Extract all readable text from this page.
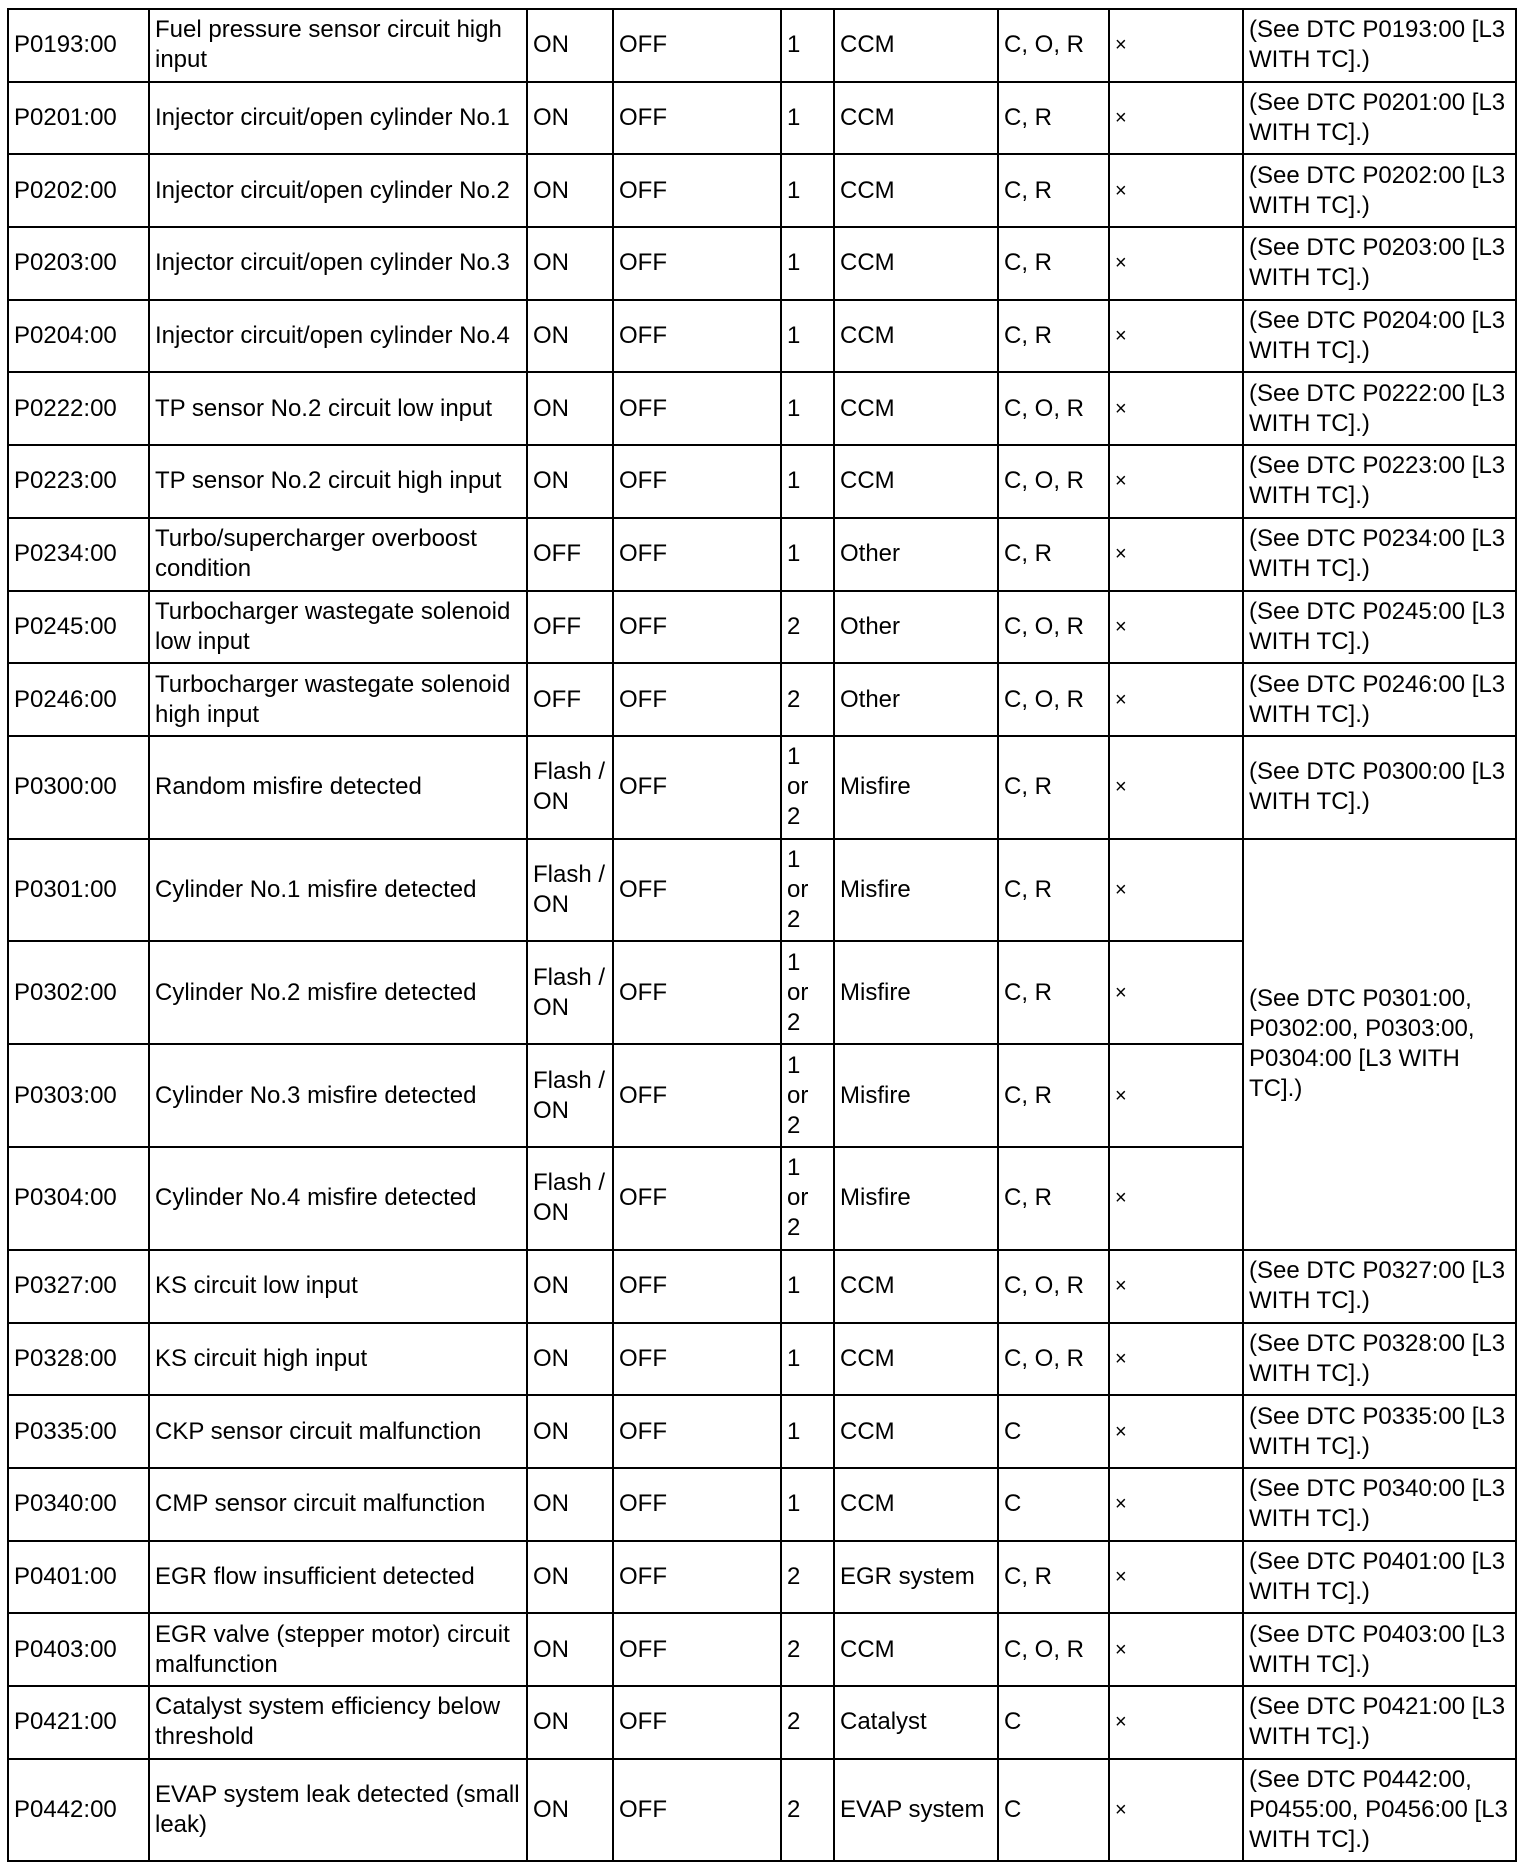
P0193:00	Fuel pressure sensor circuit high input	ON	OFF	1	CCM	C, O, R	×	(See DTC P0193:00 [L3 WITH TC].)
P0201:00	Injector circuit/open cylinder No.1	ON	OFF	1	CCM	C, R	×	(See DTC P0201:00 [L3 WITH TC].)
P0202:00	Injector circuit/open cylinder No.2	ON	OFF	1	CCM	C, R	×	(See DTC P0202:00 [L3 WITH TC].)
P0203:00	Injector circuit/open cylinder No.3	ON	OFF	1	CCM	C, R	×	(See DTC P0203:00 [L3 WITH TC].)
P0204:00	Injector circuit/open cylinder No.4	ON	OFF	1	CCM	C, R	×	(See DTC P0204:00 [L3 WITH TC].)
P0222:00	TP sensor No.2 circuit low input	ON	OFF	1	CCM	C, O, R	×	(See DTC P0222:00 [L3 WITH TC].)
P0223:00	TP sensor No.2 circuit high input	ON	OFF	1	CCM	C, O, R	×	(See DTC P0223:00 [L3 WITH TC].)
P0234:00	Turbo/supercharger overboost condition	OFF	OFF	1	Other	C, R	×	(See DTC P0234:00 [L3 WITH TC].)
P0245:00	Turbocharger wastegate solenoid low input	OFF	OFF	2	Other	C, O, R	×	(See DTC P0245:00 [L3 WITH TC].)
P0246:00	Turbocharger wastegate solenoid high input	OFF	OFF	2	Other	C, O, R	×	(See DTC P0246:00 [L3 WITH TC].)
P0300:00	Random misfire detected	Flash / ON	OFF	1 or 2	Misfire	C, R	×	(See DTC P0300:00 [L3 WITH TC].)
P0301:00	Cylinder No.1 misfire detected	Flash / ON	OFF	1 or 2	Misfire	C, R	×	(See DTC P0301:00, P0302:00, P0303:00, P0304:00 [L3 WITH TC].)
P0302:00	Cylinder No.2 misfire detected	Flash / ON	OFF	1 or 2	Misfire	C, R	×	
P0303:00	Cylinder No.3 misfire detected	Flash / ON	OFF	1 or 2	Misfire	C, R	×	
P0304:00	Cylinder No.4 misfire detected	Flash / ON	OFF	1 or 2	Misfire	C, R	×	
P0327:00	KS circuit low input	ON	OFF	1	CCM	C, O, R	×	(See DTC P0327:00 [L3 WITH TC].)
P0328:00	KS circuit high input	ON	OFF	1	CCM	C, O, R	×	(See DTC P0328:00 [L3 WITH TC].)
P0335:00	CKP sensor circuit malfunction	ON	OFF	1	CCM	C	×	(See DTC P0335:00 [L3 WITH TC].)
P0340:00	CMP sensor circuit malfunction	ON	OFF	1	CCM	C	×	(See DTC P0340:00 [L3 WITH TC].)
P0401:00	EGR flow insufficient detected	ON	OFF	2	EGR system	C, R	×	(See DTC P0401:00 [L3 WITH TC].)
P0403:00	EGR valve (stepper motor) circuit malfunction	ON	OFF	2	CCM	C, O, R	×	(See DTC P0403:00 [L3 WITH TC].)
P0421:00	Catalyst system efficiency below threshold	ON	OFF	2	Catalyst	C	×	(See DTC P0421:00 [L3 WITH TC].)
P0442:00	EVAP system leak detected (small leak)	ON	OFF	2	EVAP system	C	×	(See DTC P0442:00, P0455:00, P0456:00 [L3 WITH TC].)
